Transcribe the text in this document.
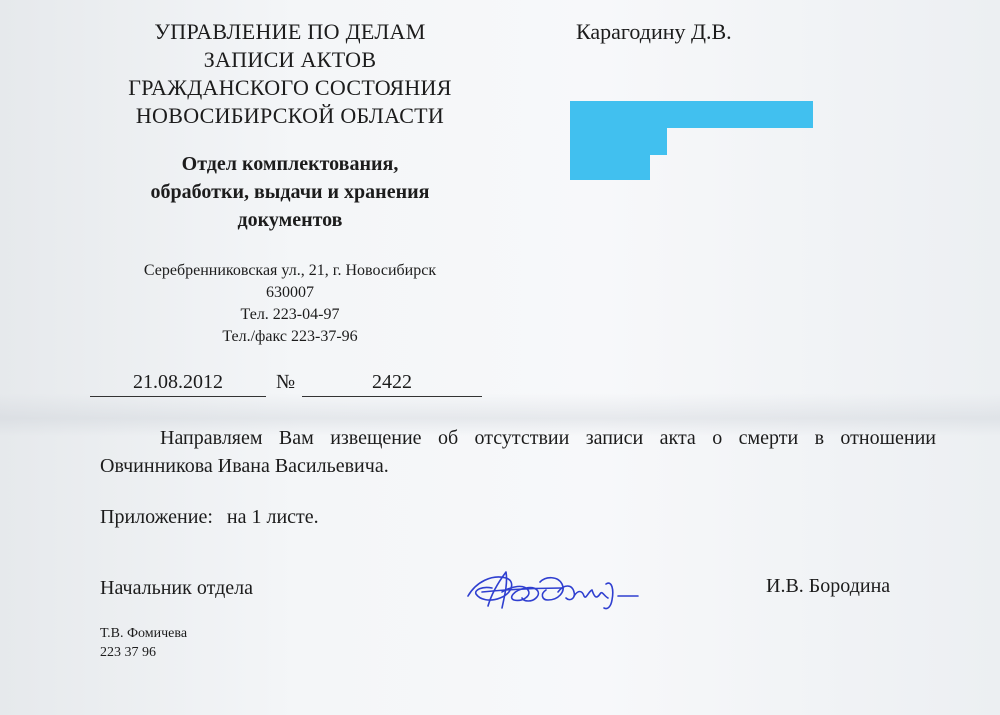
УПРАВЛЕНИЕ ПО ДЕЛАМ
ЗАПИСИ АКТОВ
ГРАЖДАНСКОГО СОСТОЯНИЯ
НОВОСИБИРСКОЙ ОБЛАСТИ
Отдел комплектования,
обработки, выдачи и хранения
документов
Серебренниковская ул., 21, г. Новосибирск
630007
Тел. 223-04-97
Тел./факс 223-37-96
21.08.2012	№	2422
Карагодину Д.В.

Направляем Вам извещение об отсутствии записи акта о смерти в отношении Овчинникова Ивана Васильевича.

Приложение: на 1 листе.
Начальник отдела	И.В. Бородина
Т.В. Фомичева
223 37 96
